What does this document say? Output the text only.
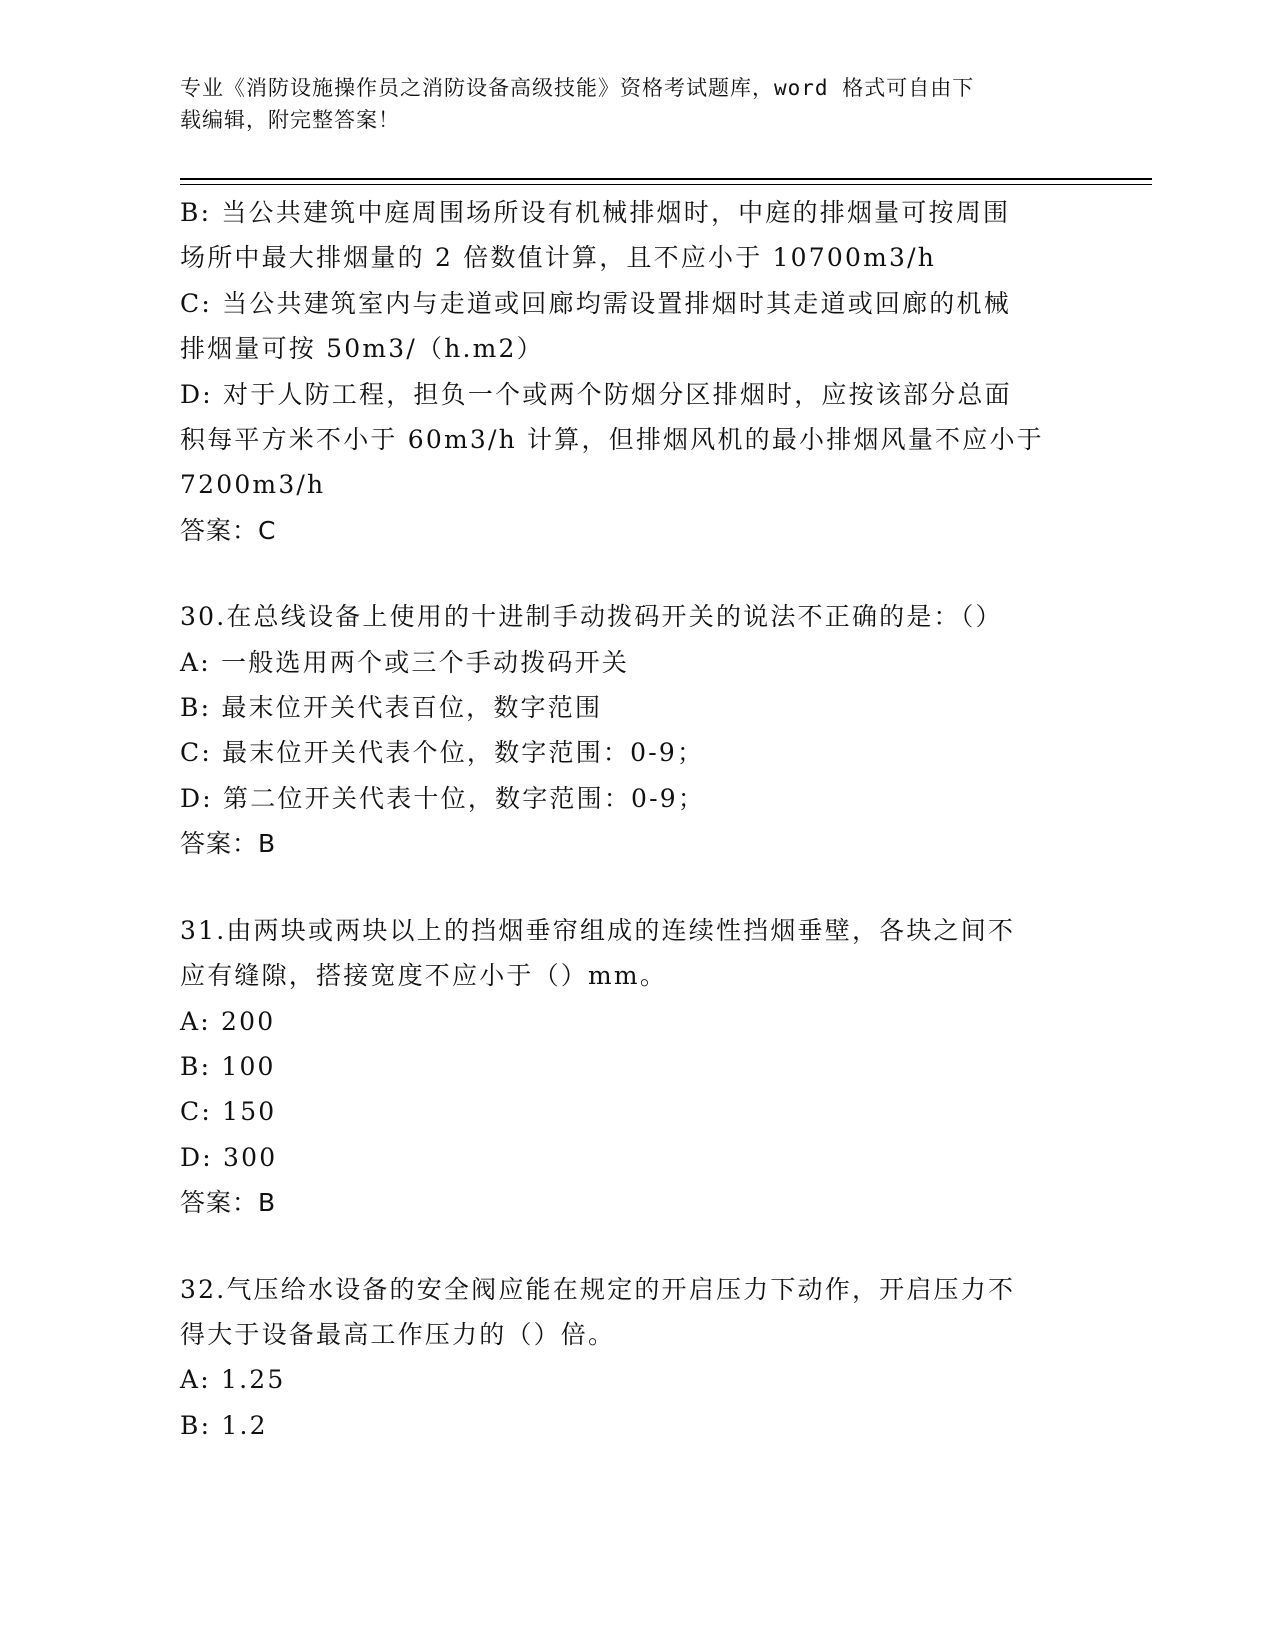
专业《消防设施操作员之消防设备高级技能》资格考试题库，word 格式可自由下
载编辑，附完整答案！

B: 当公共建筑中庭周围场所设有机械排烟时，中庭的排烟量可按周围

场所中最大排烟量的 2 倍数值计算，且不应小于 10700m3/h

C: 当公共建筑室内与走道或回廊均需设置排烟时其走道或回廊的机械

排烟量可按 50m3/（h.m2）

D: 对于人防工程，担负一个或两个防烟分区排烟时，应按该部分总面

积每平方米不小于 60m3/h 计算，但排烟风机的最小排烟风量不应小于

7200m3/h

答案：C

30.在总线设备上使用的十进制手动拨码开关的说法不正确的是：（）

A: 一般选用两个或三个手动拨码开关

B: 最末位开关代表百位，数字范围

C: 最末位开关代表个位，数字范围：0-9；

D: 第二位开关代表十位，数字范围：0-9；

答案：B

31.由两块或两块以上的挡烟垂帘组成的连续性挡烟垂壁，各块之间不

应有缝隙，搭接宽度不应小于（）mm。

A: 200

B: 100

C: 150

D: 300

答案：B

32.气压给水设备的安全阀应能在规定的开启压力下动作，开启压力不

得大于设备最高工作压力的（）倍。

A: 1.25

B: 1.2
